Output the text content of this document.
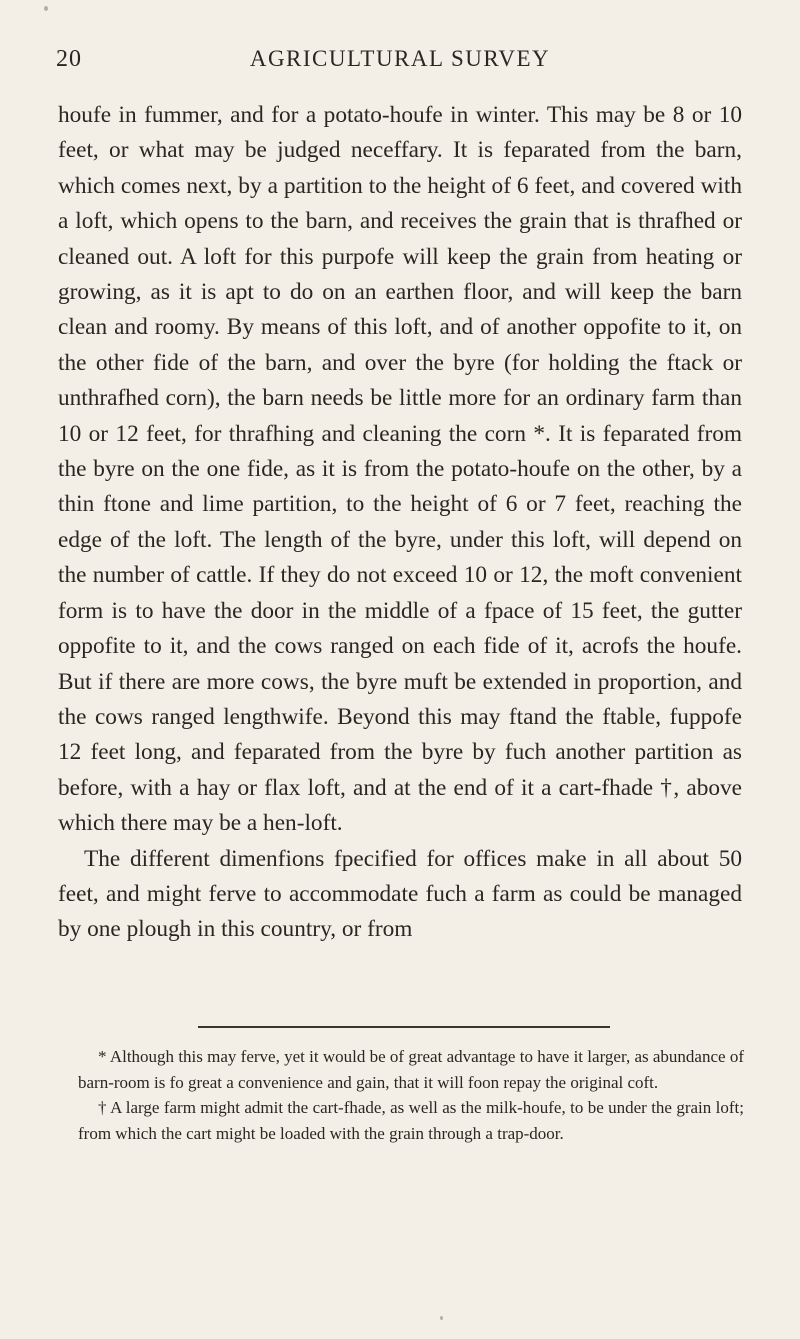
20	AGRICULTURAL SURVEY

houfe in fummer, and for a potato-houfe in winter. This may be 8 or 10 feet, or what may be judged neceffary. It is feparated from the barn, which comes next, by a partition to the height of 6 feet, and covered with a loft, which opens to the barn, and receives the grain that is thrafhed or cleaned out. A loft for this purpofe will keep the grain from heating or growing, as it is apt to do on an earthen floor, and will keep the barn clean and roomy. By means of this loft, and of another oppofite to it, on the other fide of the barn, and over the byre (for holding the ftack or unthrafhed corn), the barn needs be little more for an ordinary farm than 10 or 12 feet, for thrafhing and cleaning the corn *. It is feparated from the byre on the one fide, as it is from the potato-houfe on the other, by a thin ftone and lime partition, to the height of 6 or 7 feet, reaching the edge of the loft. The length of the byre, under this loft, will depend on the number of cattle. If they do not exceed 10 or 12, the moft convenient form is to have the door in the middle of a fpace of 15 feet, the gutter oppofite to it, and the cows ranged on each fide of it, acrofs the houfe. But if there are more cows, the byre muft be extended in proportion, and the cows ranged lengthwife. Beyond this may ftand the ftable, fuppofe 12 feet long, and feparated from the byre by fuch another partition as before, with a hay or flax loft, and at the end of it a cart-fhade †, above which there may be a hen-loft.

The different dimenfions fpecified for offices make in all about 50 feet, and might ferve to accommodate fuch a farm as could be managed by one plough in this country, or from

* Although this may ferve, yet it would be of great advantage to have it larger, as abundance of barn-room is fo great a convenience and gain, that it will foon repay the original coft.

† A large farm might admit the cart-fhade, as well as the milk-houfe, to be under the grain loft; from which the cart might be loaded with the grain through a trap-door.
